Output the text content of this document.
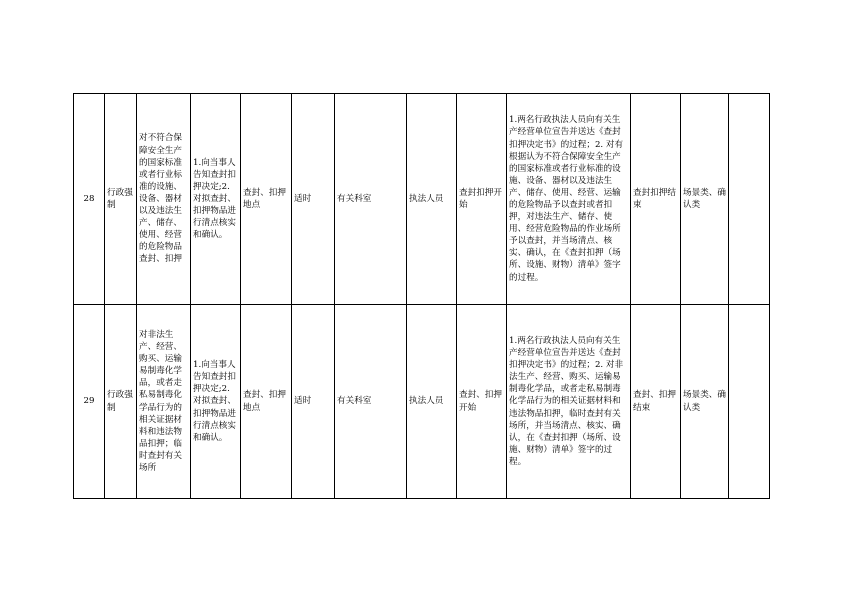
28	行政强制	对不符合保障安全生产的国家标准或者行业标准的设施、设备、器材以及违法生产、储存、使用、经营的危险物品查封、扣押	1.向当事人告知查封扣押决定;2.对拟查封、扣押物品进行清点核实和确认。	查封、扣押地点	适时	有关科室	执法人员	查封扣押开始	1.两名行政执法人员向有关生产经营单位宣告并送达《查封扣押决定书》的过程；2. 对有根据认为不符合保障安全生产的国家标准或者行业标准的设施、设备、器材以及违法生产、储存、使用、经营、运输的危险物品予以查封或者扣押，对违法生产、储存、使用、经营危险物品的作业场所予以查封，并当场清点、核实、确认，在《查封扣押（场所、设施、财物）清单》签字的过程。	查封扣押结束	场景类、确认类	
29	行政强制	对非法生产、经营、购买、运输易制毒化学品，或者走私易制毒化学品行为的相关证据材料和违法物品扣押；临时查封有关场所	1.向当事人告知查封扣押决定;2.对拟查封、扣押物品进行清点核实和确认。	查封、扣押地点	适时	有关科室	执法人员	查封、扣押开始	1.两名行政执法人员向有关生产经营单位宣告并送达《查封扣押决定书》的过程；2. 对非法生产、经营、购买、运输易制毒化学品，或者走私易制毒化学品行为的相关证据材料和违法物品扣押，临时查封有关场所，并当场清点、核实、确认，在《查封扣押（场所、设施、财物）清单》签字的过程。	查封、扣押结束	场景类、确认类	
